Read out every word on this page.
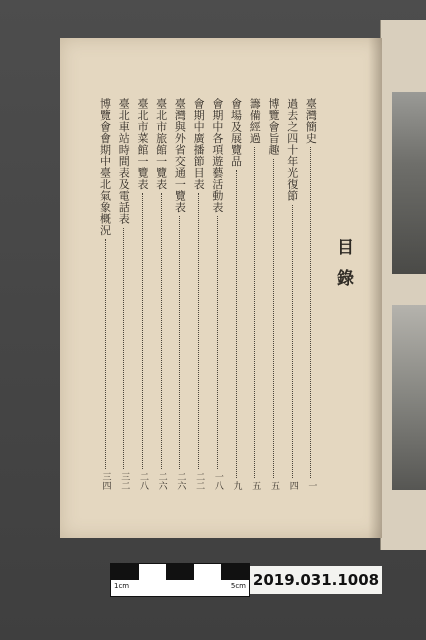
目錄
臺灣簡史
一
過去之四十年光復節
四
博覽會旨趣
五
籌備經過
五
會場及展覽品
九
會期中各項遊藝活動表
一八
會期中廣播節目表
二二
臺灣與外省交通一覽表
二六
臺北市旅館一覽表
二六
臺北市菜館一覽表
二八
臺北車站時間表及電話表
三二
博覽會會期中臺北氣象概況
三四
1cm	5cm 2019.031.1008
